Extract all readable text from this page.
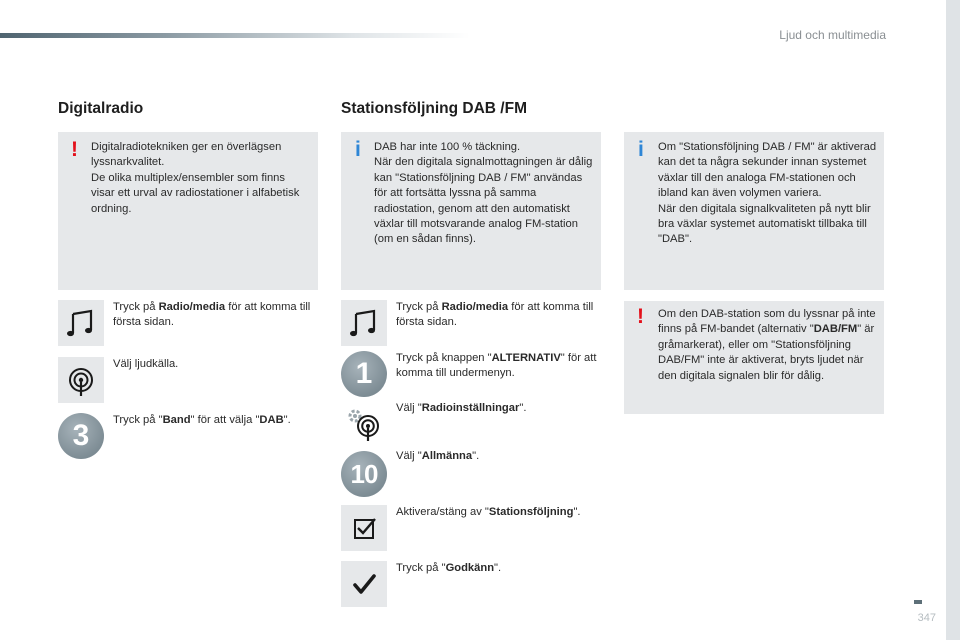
Ljud och multimedia
Digitalradio
! Digitalradiotekniken ger en överlägsen lyssnarkvalitet.
De olika multiplex/ensembler som finns visar ett urval av radiostationer i alfabetisk ordning.
Tryck på Radio/media för att komma till första sidan.
Välj ljudkälla.
3	Tryck på "Band" för att välja "DAB".
Stationsföljning DAB /FM
i DAB har inte 100 % täckning.
När den digitala signalmottagningen är dålig kan "Stationsföljning DAB / FM" användas för att fortsätta lyssna på samma radiostation, genom att den automatiskt växlar till motsvarande analog FM-station (om en sådan finns).
Tryck på Radio/media för att komma till första sidan.
1	Tryck på knappen "ALTERNATIV" för att komma till undermenyn.
Välj "Radioinställningar".
10
Välj "Allmänna".
Aktivera/stäng av "Stationsföljning".
Tryck på "Godkänn".
i Om "Stationsföljning DAB / FM" är aktiverad kan det ta några sekunder innan systemet växlar till den analoga FM-stationen och ibland kan även volymen variera.
När den digitala signalkvaliteten på nytt blir bra växlar systemet automatiskt tillbaka till "DAB".
! Om den DAB-station som du lyssnar på inte finns på FM-bandet (alternativ "DAB/FM" är gråmarkerat), eller om "Stationsföljning DAB/FM" inte är aktiverat, bryts ljudet när den digitala signalen blir för dålig.
347
